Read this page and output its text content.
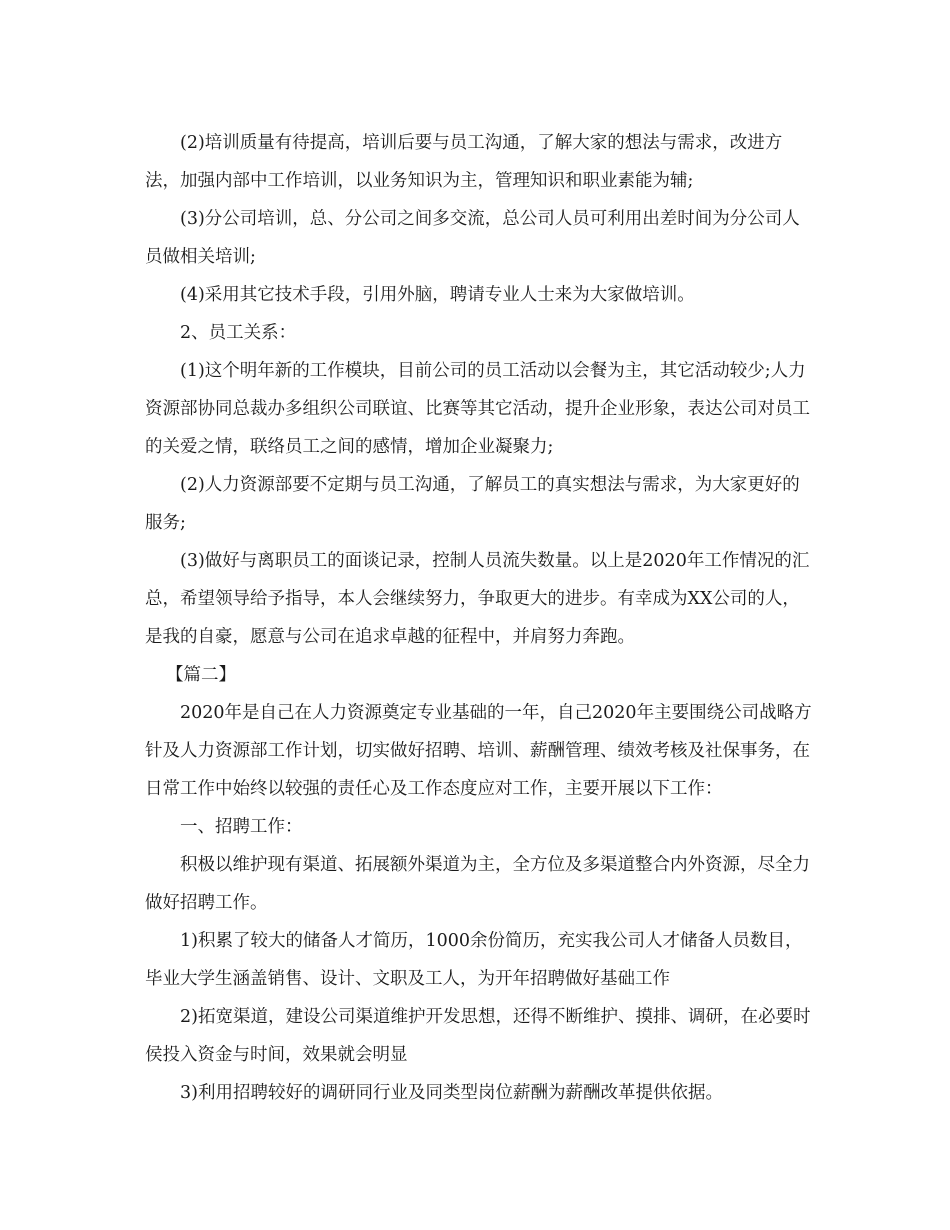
(2)培训质量有待提高，培训后要与员工沟通，了解大家的想法与需求，改进方法，加强内部中工作培训，以业务知识为主，管理知识和职业素能为辅;

(3)分公司培训，总、分公司之间多交流，总公司人员可利用出差时间为分公司人员做相关培训;

(4)采用其它技术手段，引用外脑，聘请专业人士来为大家做培训。

2、员工关系：

(1)这个明年新的工作模块，目前公司的员工活动以会餐为主，其它活动较少;人力资源部协同总裁办多组织公司联谊、比赛等其它活动，提升企业形象，表达公司对员工的关爱之情，联络员工之间的感情，增加企业凝聚力;

(2)人力资源部要不定期与员工沟通，了解员工的真实想法与需求，为大家更好的服务;

(3)做好与离职员工的面谈记录，控制人员流失数量。以上是2020年工作情况的汇总，希望领导给予指导，本人会继续努力，争取更大的进步。有幸成为XX公司的人，是我的自豪，愿意与公司在追求卓越的征程中，并肩努力奔跑。

【篇二】

2020年是自己在人力资源奠定专业基础的一年，自己2020年主要围绕公司战略方针及人力资源部工作计划，切实做好招聘、培训、薪酬管理、绩效考核及社保事务，在日常工作中始终以较强的责任心及工作态度应对工作，主要开展以下工作：

一、招聘工作：

积极以维护现有渠道、拓展额外渠道为主，全方位及多渠道整合内外资源，尽全力做好招聘工作。

1)积累了较大的储备人才简历，1000余份简历，充实我公司人才储备人员数目，毕业大学生涵盖销售、设计、文职及工人，为开年招聘做好基础工作

2)拓宽渠道，建设公司渠道维护开发思想，还得不断维护、摸排、调研，在必要时侯投入资金与时间，效果就会明显

3)利用招聘较好的调研同行业及同类型岗位薪酬为薪酬改革提供依据。
